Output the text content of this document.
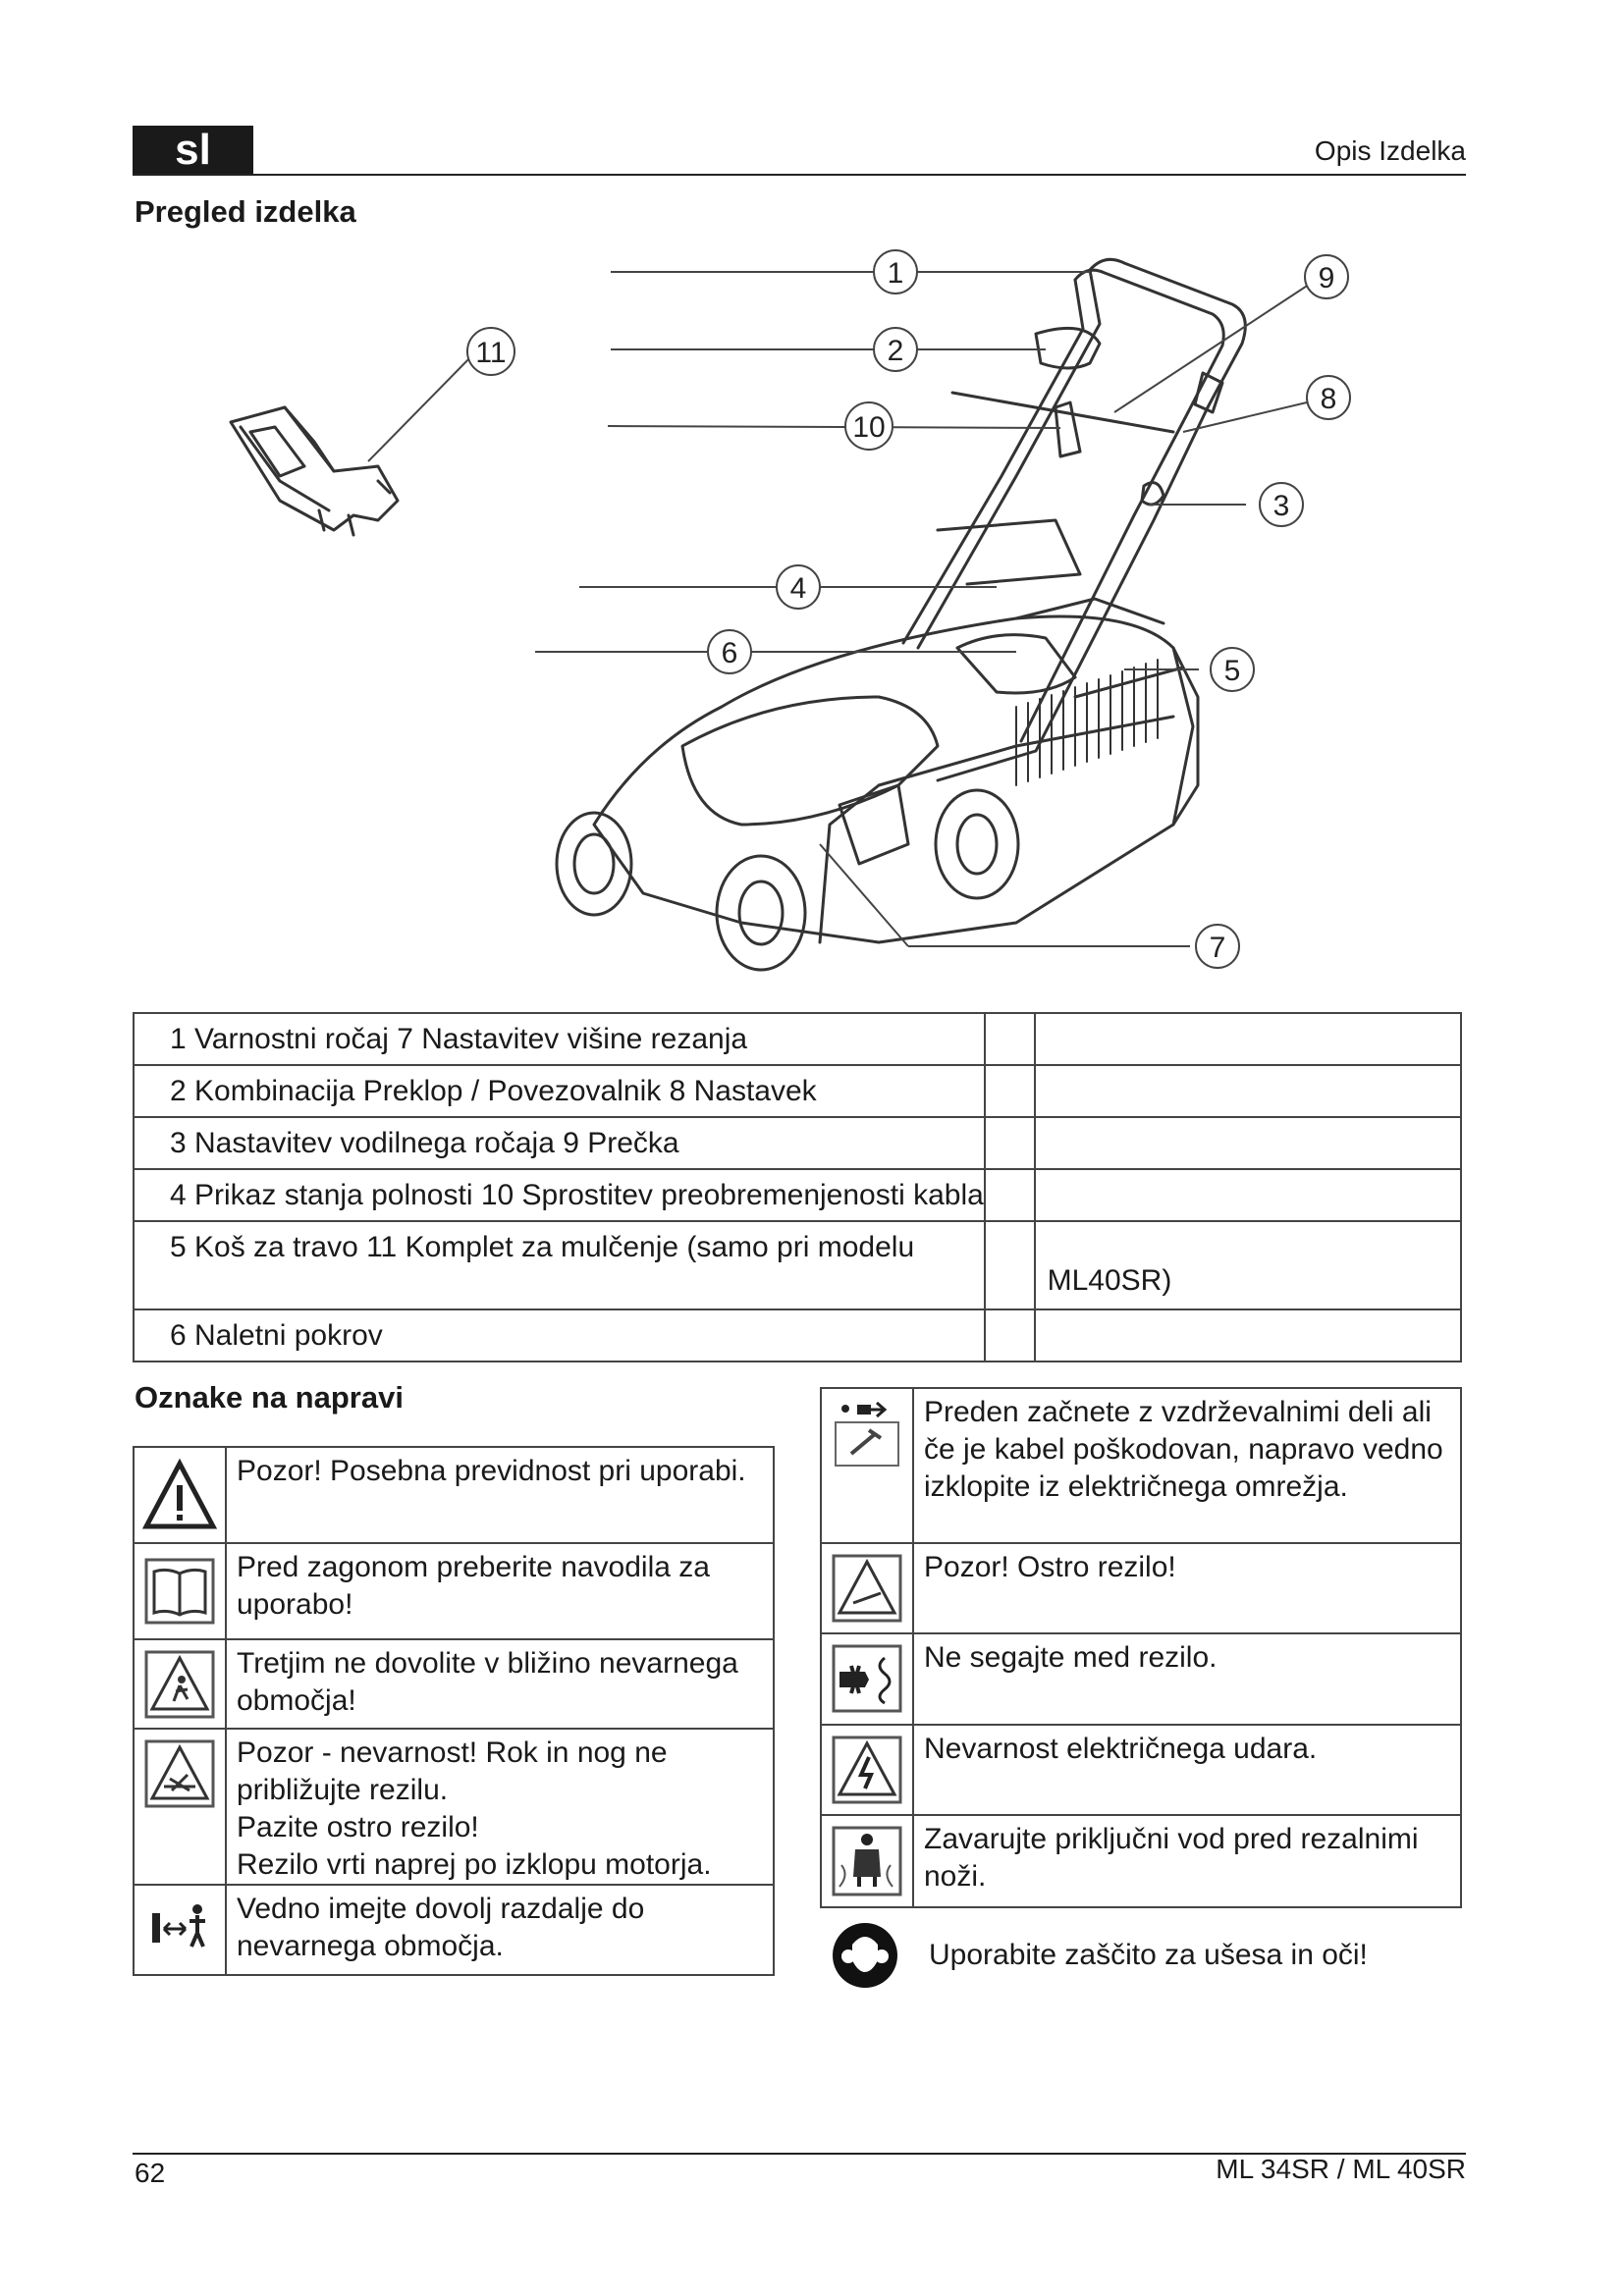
sl	Opis Izdelka
Pregled izdelka
1
2
3
4
5
6
7
8
9
10
11
1 Varnostni ročaj 7 Nastavitev višine rezanja		
2 Kombinacija Preklop / Povezovalnik 8 Nastavek		
3 Nastavitev vodilnega ročaja 9 Prečka		
4 Prikaz stanja polnosti 10 Sprostitev preobremenjenosti kabla		
5 Koš za travo 11 Komplet za mulčenje (samo pri modelu		ML40SR)
6 Naletni pokrov		
Oznake na napravi
	Pozor! Posebna previdnost pri uporabi.
	Pred zagonom preberite navodila za uporabo!
	Tretjim ne dovolite v bližino nevarnega območja!

Pozor - nevarnost! Rok in nog ne približujte rezilu.
Pazite ostro rezilo!
Rezilo vrti naprej po izklopu motorja.

	Vedno imejte dovolj razdalje do nevarnega območja.
	Preden začnete z vzdrževalnimi deli ali če je kabel poškodovan, napravo vedno izklopite iz električnega omrežja.
	Pozor! Ostro rezilo!
	Ne segajte med rezilo.
	Nevarnost električnega udara.
	Zavarujte priključni vod pred rezalnimi noži.
Uporabite zaščito za ušesa in oči!
62	ML 34SR / ML 40SR
